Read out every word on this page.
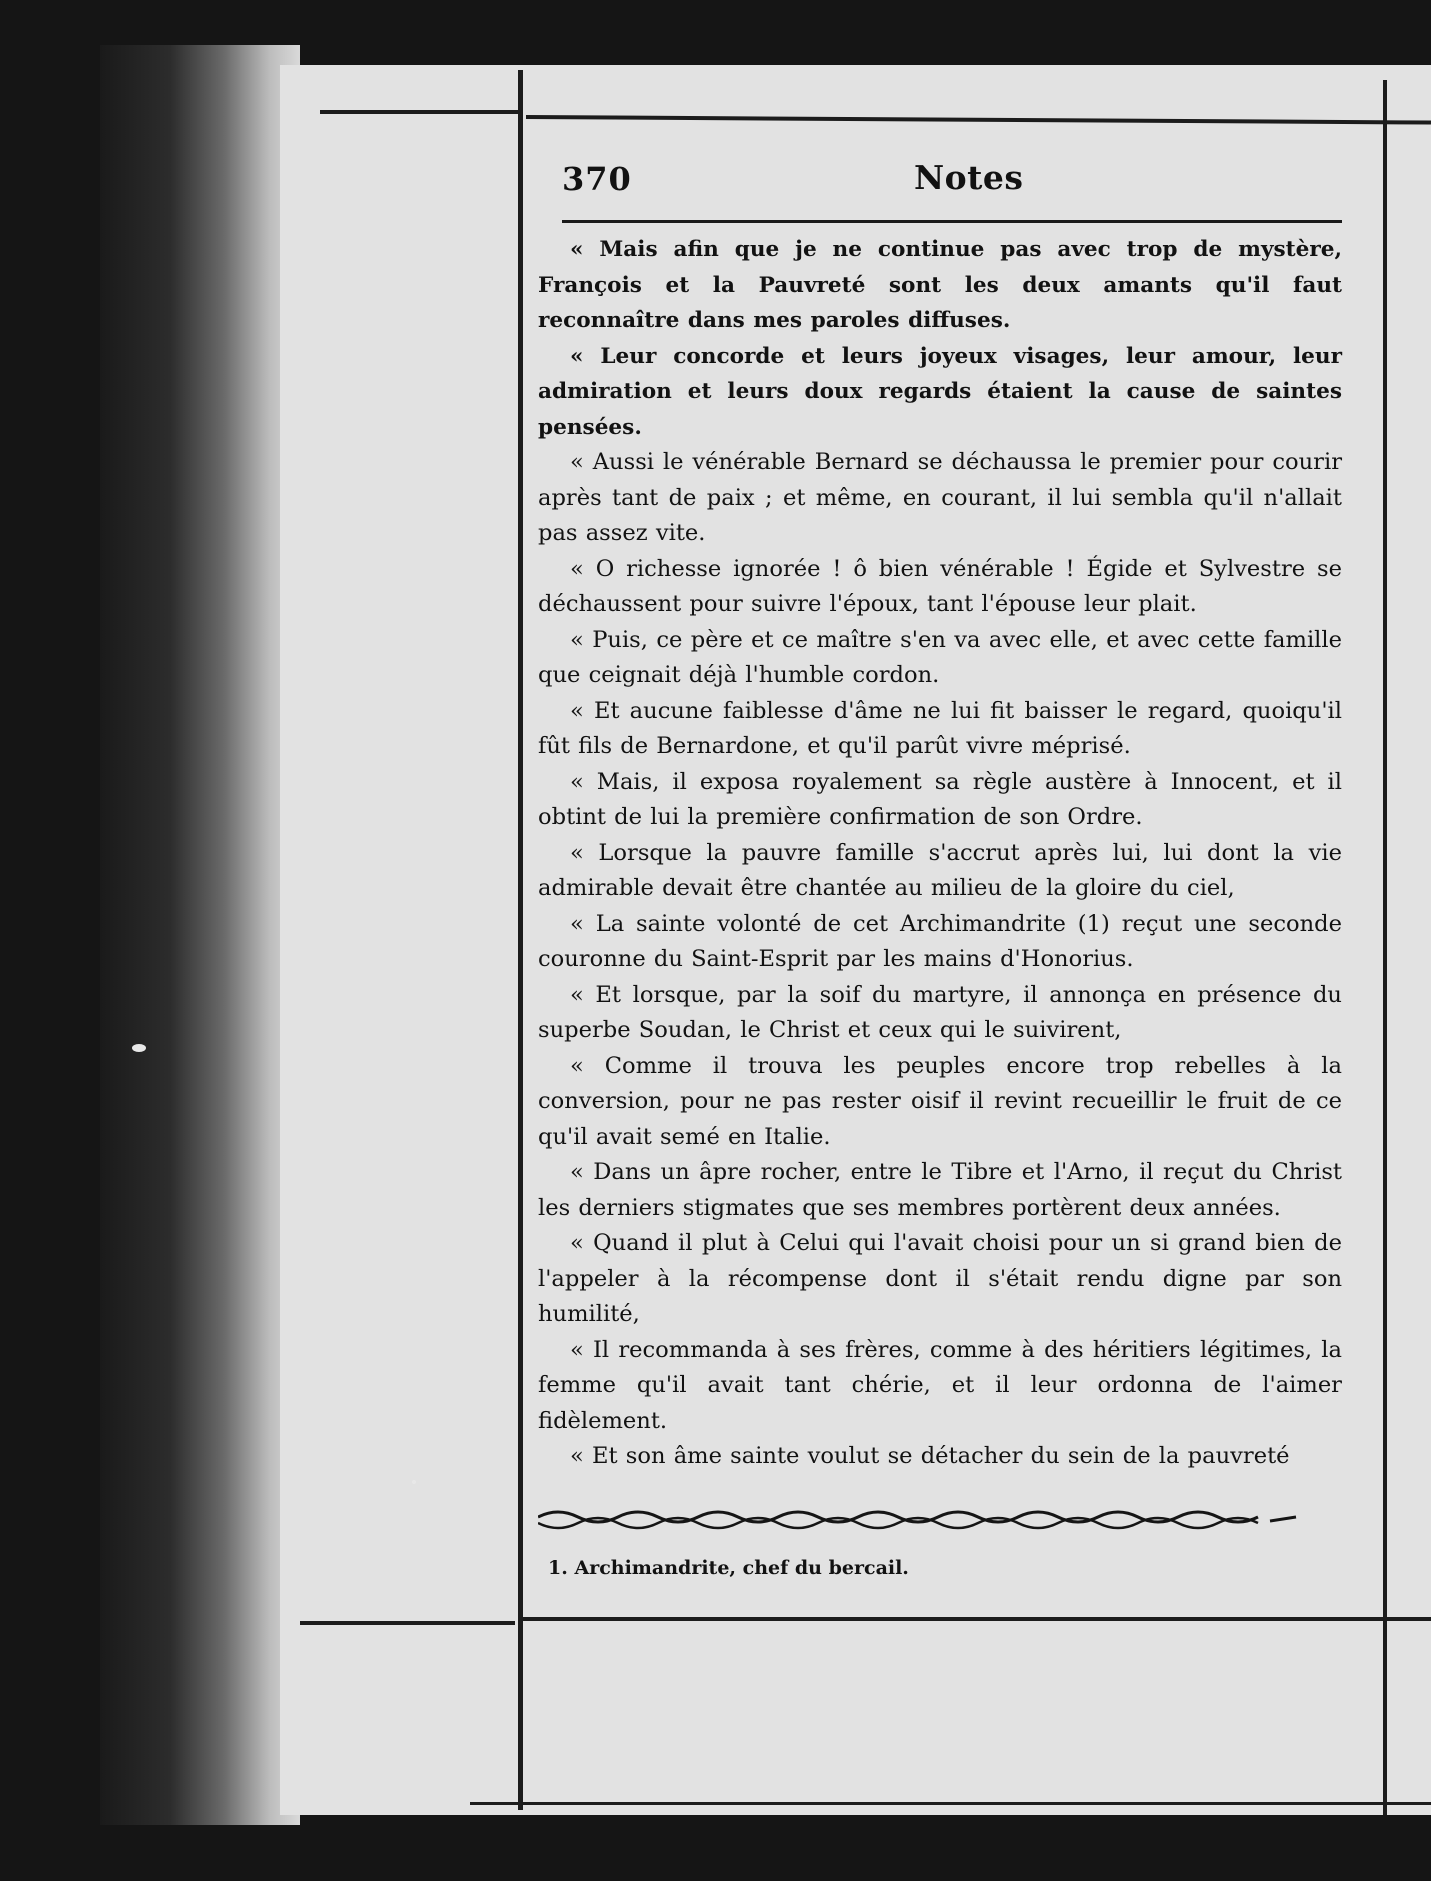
370	Notes

« Mais afin que je ne continue pas avec trop de mystère, François et la Pauvreté sont les deux amants qu'il faut reconnaître dans mes paroles diffuses.

« Leur concorde et leurs joyeux visages, leur amour, leur admiration et leurs doux regards étaient la cause de saintes pensées.

« Aussi le vénérable Bernard se déchaussa le premier pour courir après tant de paix ; et même, en courant, il lui sembla qu'il n'allait pas assez vite.

« O richesse ignorée ! ô bien vénérable ! Égide et Sylvestre se déchaussent pour suivre l'époux, tant l'épouse leur plait.

« Puis, ce père et ce maître s'en va avec elle, et avec cette famille que ceignait déjà l'humble cordon.

« Et aucune faiblesse d'âme ne lui fit baisser le regard, quoiqu'il fût fils de Bernardone, et qu'il parût vivre méprisé.

« Mais, il exposa royalement sa règle austère à Innocent, et il obtint de lui la première confirmation de son Ordre.

« Lorsque la pauvre famille s'accrut après lui, lui dont la vie admirable devait être chantée au milieu de la gloire du ciel,

« La sainte volonté de cet Archimandrite (1) reçut une seconde couronne du Saint-Esprit par les mains d'Honorius.

« Et lorsque, par la soif du martyre, il annonça en présence du superbe Soudan, le Christ et ceux qui le suivirent,

« Comme il trouva les peuples encore trop rebelles à la conversion, pour ne pas rester oisif il revint recueillir le fruit de ce qu'il avait semé en Italie.

« Dans un âpre rocher, entre le Tibre et l'Arno, il reçut du Christ les derniers stigmates que ses membres portèrent deux années.

« Quand il plut à Celui qui l'avait choisi pour un si grand bien de l'appeler à la récompense dont il s'était rendu digne par son humilité,

« Il recommanda à ses frères, comme à des héritiers légitimes, la femme qu'il avait tant chérie, et il leur ordonna de l'aimer fidèlement.

« Et son âme sainte voulut se détacher du sein de la pauvreté

1. Archimandrite, chef du bercail.
